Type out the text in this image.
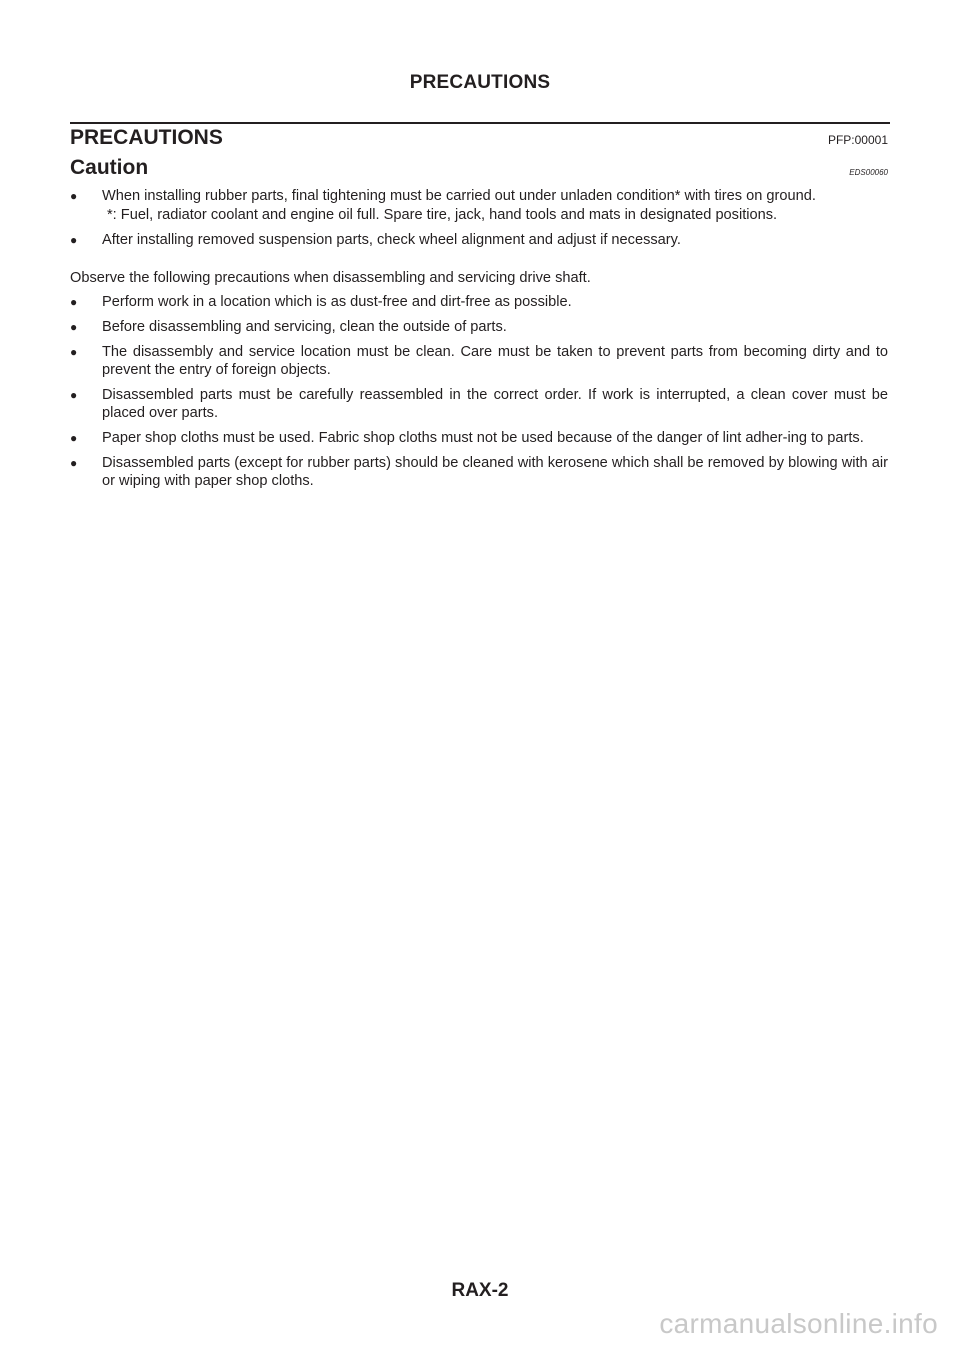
PRECAUTIONS
PRECAUTIONS	PFP:00001
Caution	EDS00060
● When installing rubber parts, final tightening must be carried out under unladen condition* with tires on ground.
*: Fuel, radiator coolant and engine oil full. Spare tire, jack, hand tools and mats in designated positions.
● After installing removed suspension parts, check wheel alignment and adjust if necessary.
Observe the following precautions when disassembling and servicing drive shaft.
● Perform work in a location which is as dust-free and dirt-free as possible.
● Before disassembling and servicing, clean the outside of parts.
● The disassembly and service location must be clean. Care must be taken to prevent parts from becoming dirty and to prevent the entry of foreign objects.
● Disassembled parts must be carefully reassembled in the correct order. If work is interrupted, a clean cover must be placed over parts.
● Paper shop cloths must be used. Fabric shop cloths must not be used because of the danger of lint adher-ing to parts.
● Disassembled parts (except for rubber parts) should be cleaned with kerosene which shall be removed by blowing with air or wiping with paper shop cloths.
RAX-2
carmanualsonline.info
